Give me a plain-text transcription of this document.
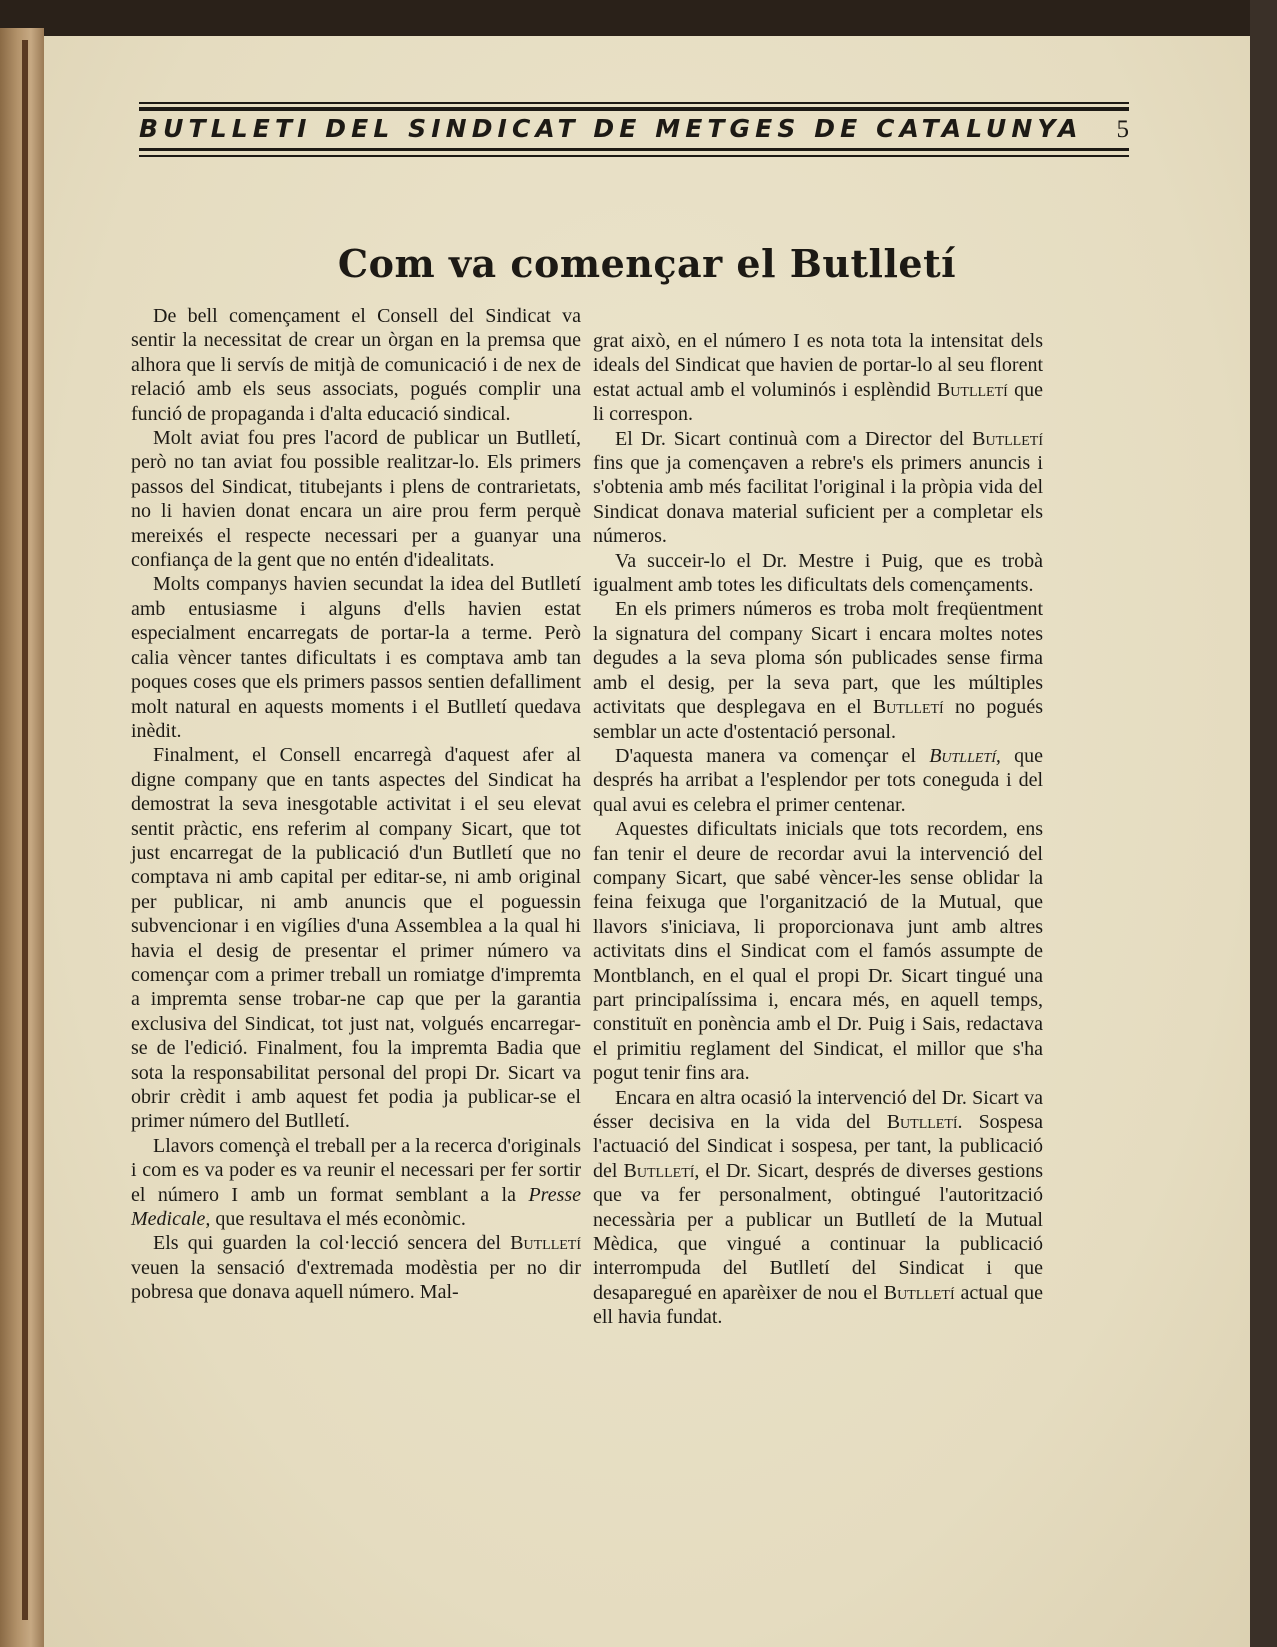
BUTLLETI DEL SINDICAT DE METGES DE CATALUNYA 5
Com va començar el Butlletí

De bell començament el Consell del Sindicat va sentir la necessitat de crear un òrgan en la premsa que alhora que li servís de mitjà de comunicació i de nex de relació amb els seus associats, pogués complir una funció de propaganda i d'alta educació sindical.

Molt aviat fou pres l'acord de publicar un Butlletí, però no tan aviat fou possible realitzar-lo. Els primers passos del Sindicat, titubejants i plens de contrarietats, no li havien donat encara un aire prou ferm perquè mereixés el respecte necessari per a guanyar una confiança de la gent que no entén d'idealitats.

Molts companys havien secundat la idea del Butlletí amb entusiasme i alguns d'ells havien estat especialment encarregats de portar-la a terme. Però calia vèncer tantes dificultats i es comptava amb tan poques coses que els primers passos sentien defalliment molt natural en aquests moments i el Butlletí quedava inèdit.

Finalment, el Consell encarregà d'aquest afer al digne company que en tants aspectes del Sindicat ha demostrat la seva inesgotable activitat i el seu elevat sentit pràctic, ens referim al company Sicart, que tot just encarregat de la publicació d'un Butlletí que no comptava ni amb capital per editar-se, ni amb original per publicar, ni amb anuncis que el poguessin subvencionar i en vigílies d'una Assemblea a la qual hi havia el desig de presentar el primer número va començar com a primer treball un romiatge d'impremta a impremta sense trobar-ne cap que per la garantia exclusiva del Sindicat, tot just nat, volgués encarregar-se de l'edició. Finalment, fou la impremta Badia que sota la responsabilitat personal del propi Dr. Sicart va obrir crèdit i amb aquest fet podia ja publicar-se el primer número del Butlletí.

Llavors començà el treball per a la recerca d'originals i com es va poder es va reunir el necessari per fer sortir el número I amb un format semblant a la Presse Medicale, que resultava el més econòmic.

Els qui guarden la col·lecció sencera del Butlletí veuen la sensació d'extremada modèstia per no dir pobresa que donava aquell número. Mal-

grat això, en el número I es nota tota la intensitat dels ideals del Sindicat que havien de portar-lo al seu florent estat actual amb el voluminós i esplèndid Butlletí que li correspon.

El Dr. Sicart continuà com a Director del Butlletí fins que ja començaven a rebre's els primers anuncis i s'obtenia amb més facilitat l'original i la pròpia vida del Sindicat donava material suficient per a completar els números.

Va succeir-lo el Dr. Mestre i Puig, que es trobà igualment amb totes les dificultats dels començaments.

En els primers números es troba molt freqüentment la signatura del company Sicart i encara moltes notes degudes a la seva ploma són publicades sense firma amb el desig, per la seva part, que les múltiples activitats que desplegava en el Butlletí no pogués semblar un acte d'ostentació personal.

D'aquesta manera va començar el Butlletí, que després ha arribat a l'esplendor per tots coneguda i del qual avui es celebra el primer centenar.

Aquestes dificultats inicials que tots recordem, ens fan tenir el deure de recordar avui la intervenció del company Sicart, que sabé vèncer-les sense oblidar la feina feixuga que l'organització de la Mutual, que llavors s'iniciava, li proporcionava junt amb altres activitats dins el Sindicat com el famós assumpte de Montblanch, en el qual el propi Dr. Sicart tingué una part principalíssima i, encara més, en aquell temps, constituït en ponència amb el Dr. Puig i Sais, redactava el primitiu reglament del Sindicat, el millor que s'ha pogut tenir fins ara.

Encara en altra ocasió la intervenció del Dr. Sicart va ésser decisiva en la vida del Butlletí. Sospesa l'actuació del Sindicat i sospesa, per tant, la publicació del Butlletí, el Dr. Sicart, després de diverses gestions que va fer personalment, obtingué l'autorització necessària per a publicar un Butlletí de la Mutual Mèdica, que vingué a continuar la publicació interrompuda del Butlletí del Sindicat i que desaparegué en aparèixer de nou el Butlletí actual que ell havia fundat.
